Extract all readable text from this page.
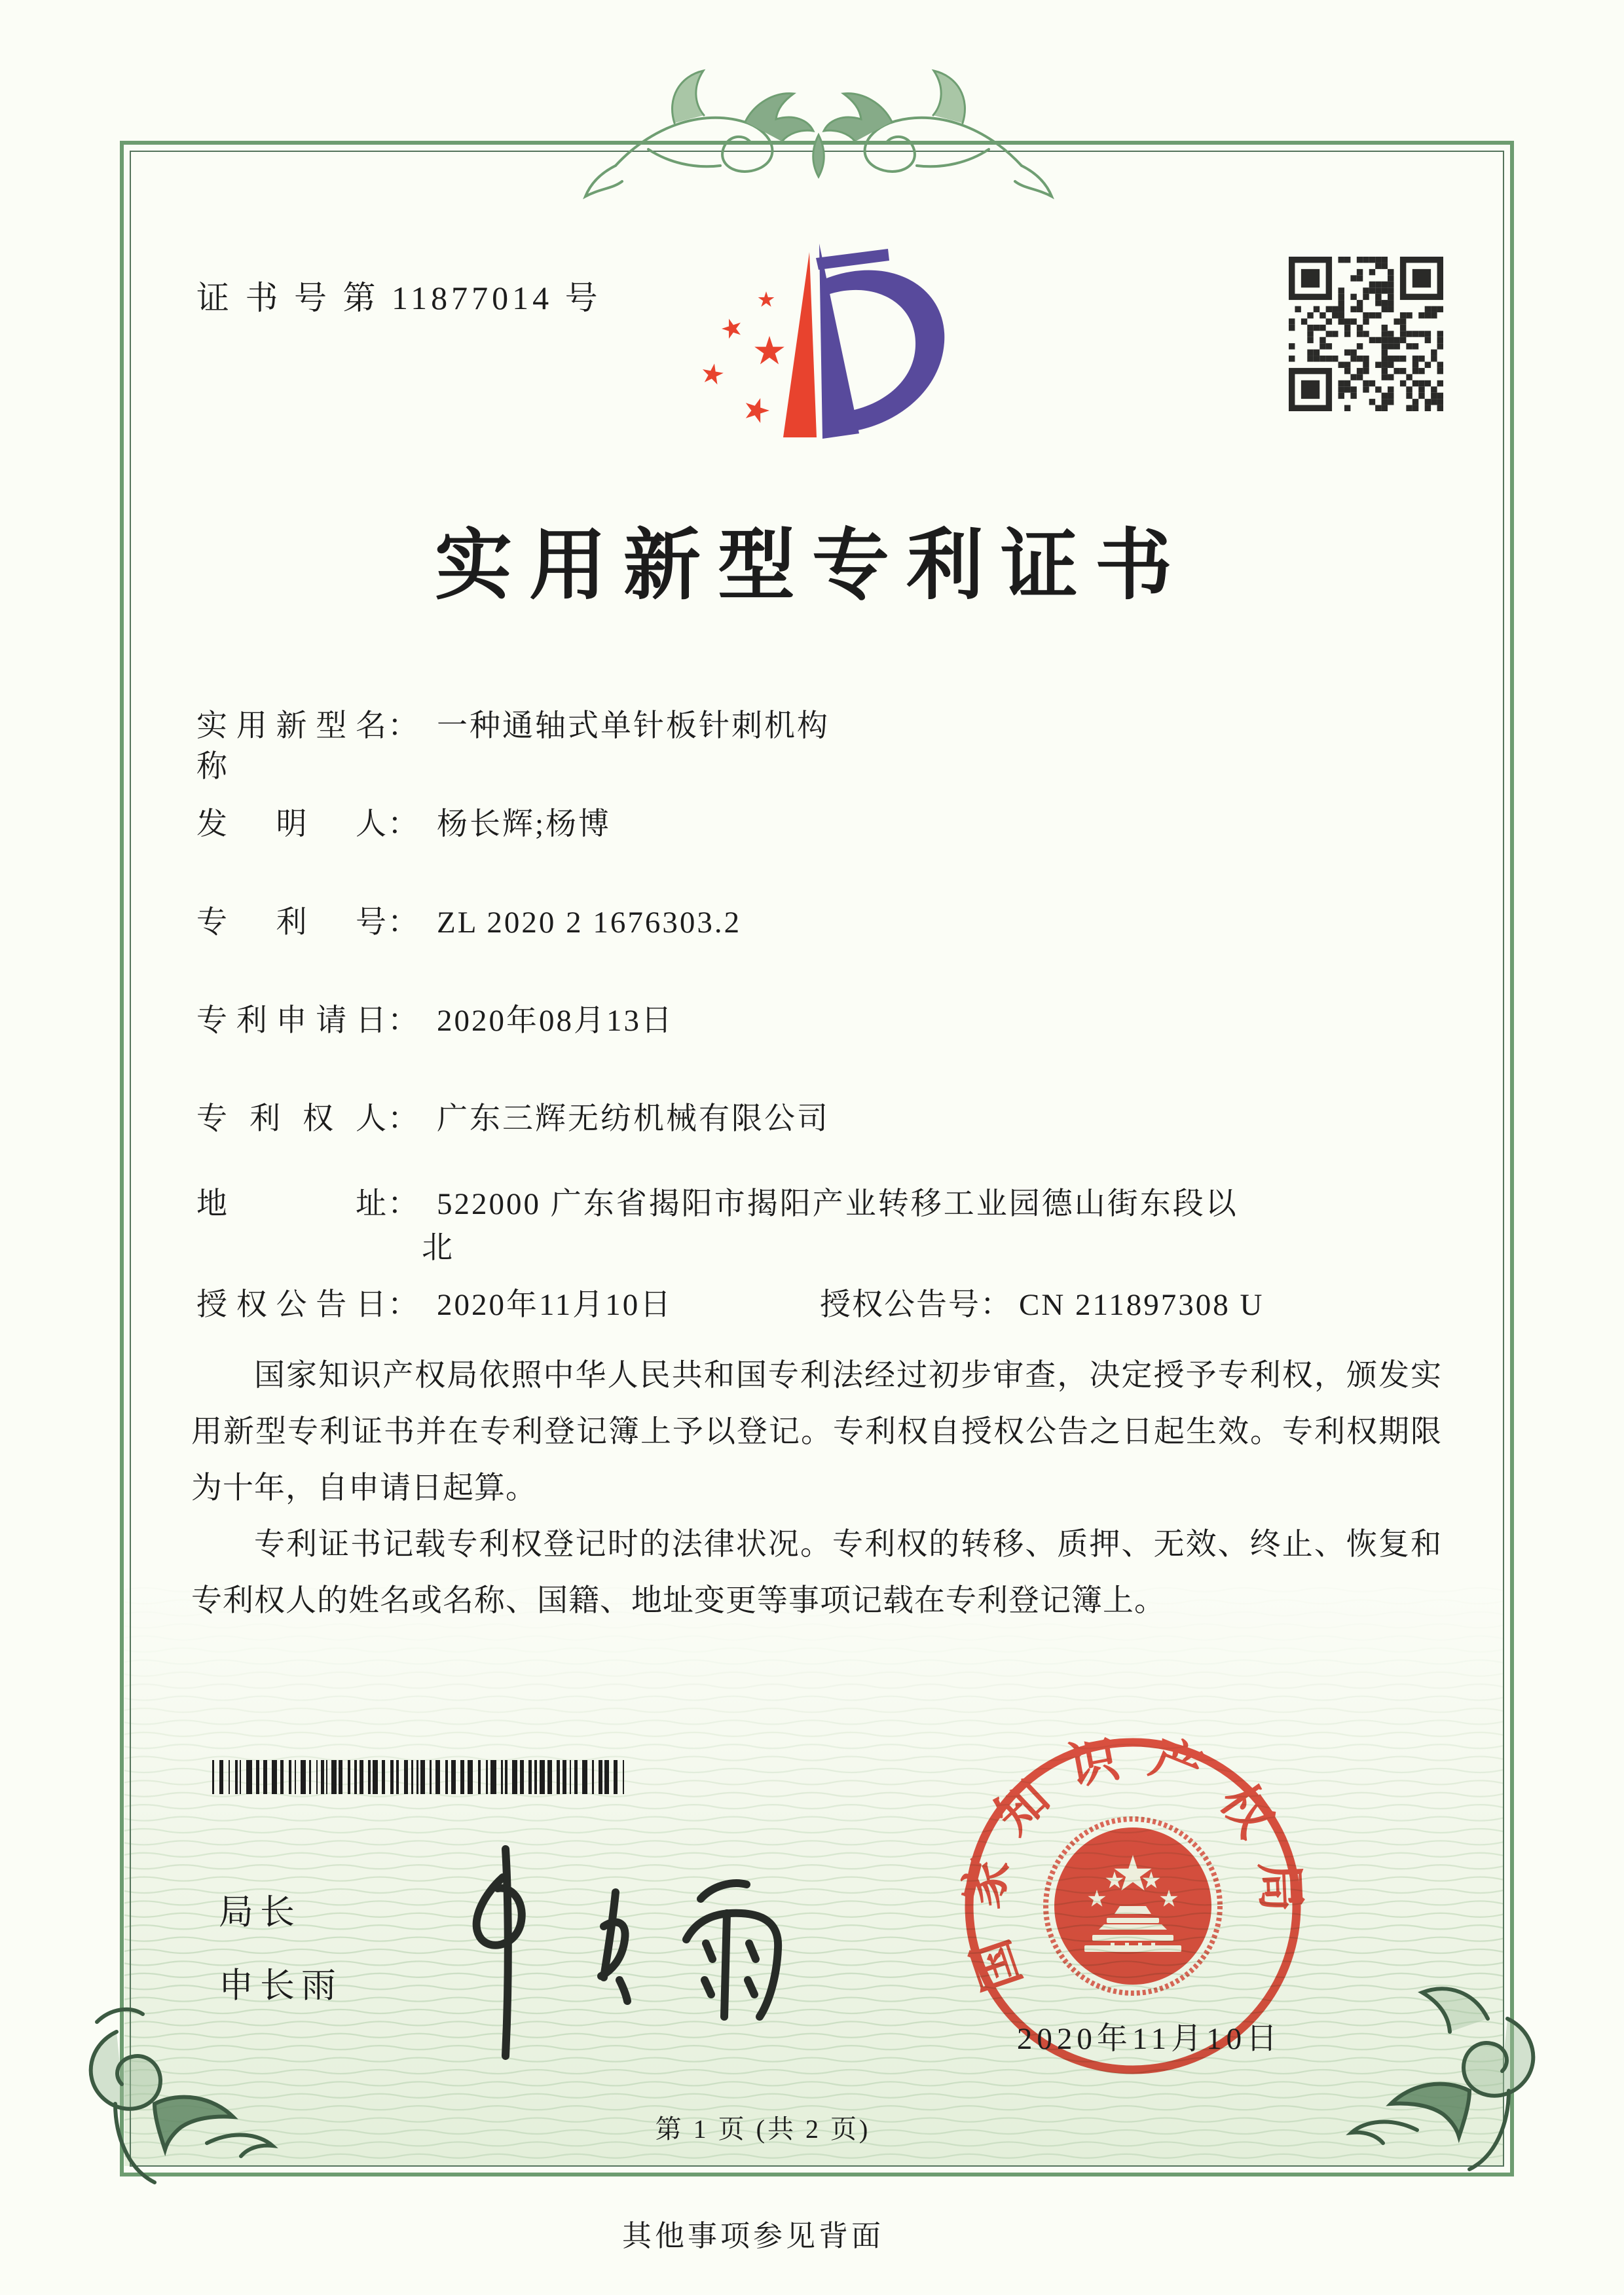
证 书 号 第 11877014 号
实用新型专利证书
实用新型名称： 一种通轴式单针板针刺机构
发明人： 杨长辉;杨博
专利号： ZL 2020 2 1676303.2
专利申请日： 2020年08月13日
专利权人： 广东三辉无纺机械有限公司
地址： 522000 广东省揭阳市揭阳产业转移工业园德山街东段以
北
授权公告日： 2020年11月10日	授权公告号： CN 211897308 U

国家知识产权局依照中华人民共和国专利法经过初步审查，决定授予专利权，颁发实用新型专利证书并在专利登记簿上予以登记。专利权自授权公告之日起生效。专利权期限为十年，自申请日起算。

专利证书记载专利权登记时的法律状况。专利权的转移、质押、无效、终止、恢复和专利权人的姓名或名称、国籍、地址变更等事项记载在专利登记簿上。

局长
申长雨	国家知识产权局
2020年11月10日
第 1 页 (共 2 页)
其他事项参见背面
